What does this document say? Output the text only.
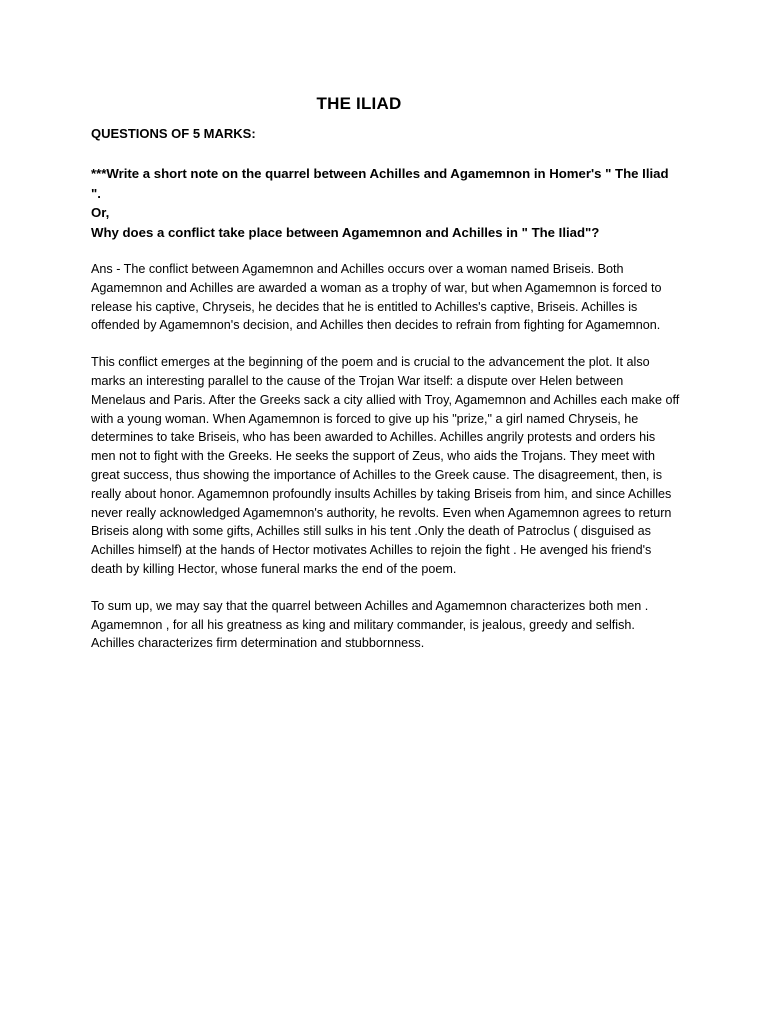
THE ILIAD

QUESTIONS OF 5 MARKS:

***Write a short note on the quarrel between Achilles and Agamemnon in Homer's " The Iliad ".
Or,
Why does a conflict take place between Agamemnon and Achilles in " The Iliad"?

Ans - The conflict between Agamemnon and Achilles occurs over a woman named Briseis. Both Agamemnon and Achilles are awarded a woman as a trophy of war, but when Agamemnon is forced to release his captive, Chryseis, he decides that he is entitled to Achilles's captive, Briseis. Achilles is offended by Agamemnon's decision, and Achilles then decides to refrain from fighting for Agamemnon.

This conflict emerges at the beginning of the poem and is crucial to the advancement the plot. It also marks an interesting parallel to the cause of the Trojan War itself: a dispute over Helen between Menelaus and Paris. After the Greeks sack a city allied with Troy, Agamemnon and Achilles each make off with a young woman. When Agamemnon is forced to give up his "prize," a girl named Chryseis, he determines to take Briseis, who has been awarded to Achilles. Achilles angrily protests and orders his men not to fight with the Greeks. He seeks the support of Zeus, who aids the Trojans. They meet with great success, thus showing the importance of Achilles to the Greek cause. The disagreement, then, is really about honor. Agamemnon profoundly insults Achilles by taking Briseis from him, and since Achilles never really acknowledged Agamemnon's authority, he revolts. Even when Agamemnon agrees to return Briseis along with some gifts, Achilles still sulks in his tent .Only the death of Patroclus ( disguised as Achilles himself) at the hands of Hector motivates Achilles to rejoin the fight . He avenged his friend's death by killing Hector, whose funeral marks the end of the poem.

To sum up, we may say that the quarrel between Achilles and Agamemnon characterizes both men . Agamemnon , for all his greatness as king and military commander, is jealous, greedy and selfish. Achilles characterizes firm determination and stubbornness.
